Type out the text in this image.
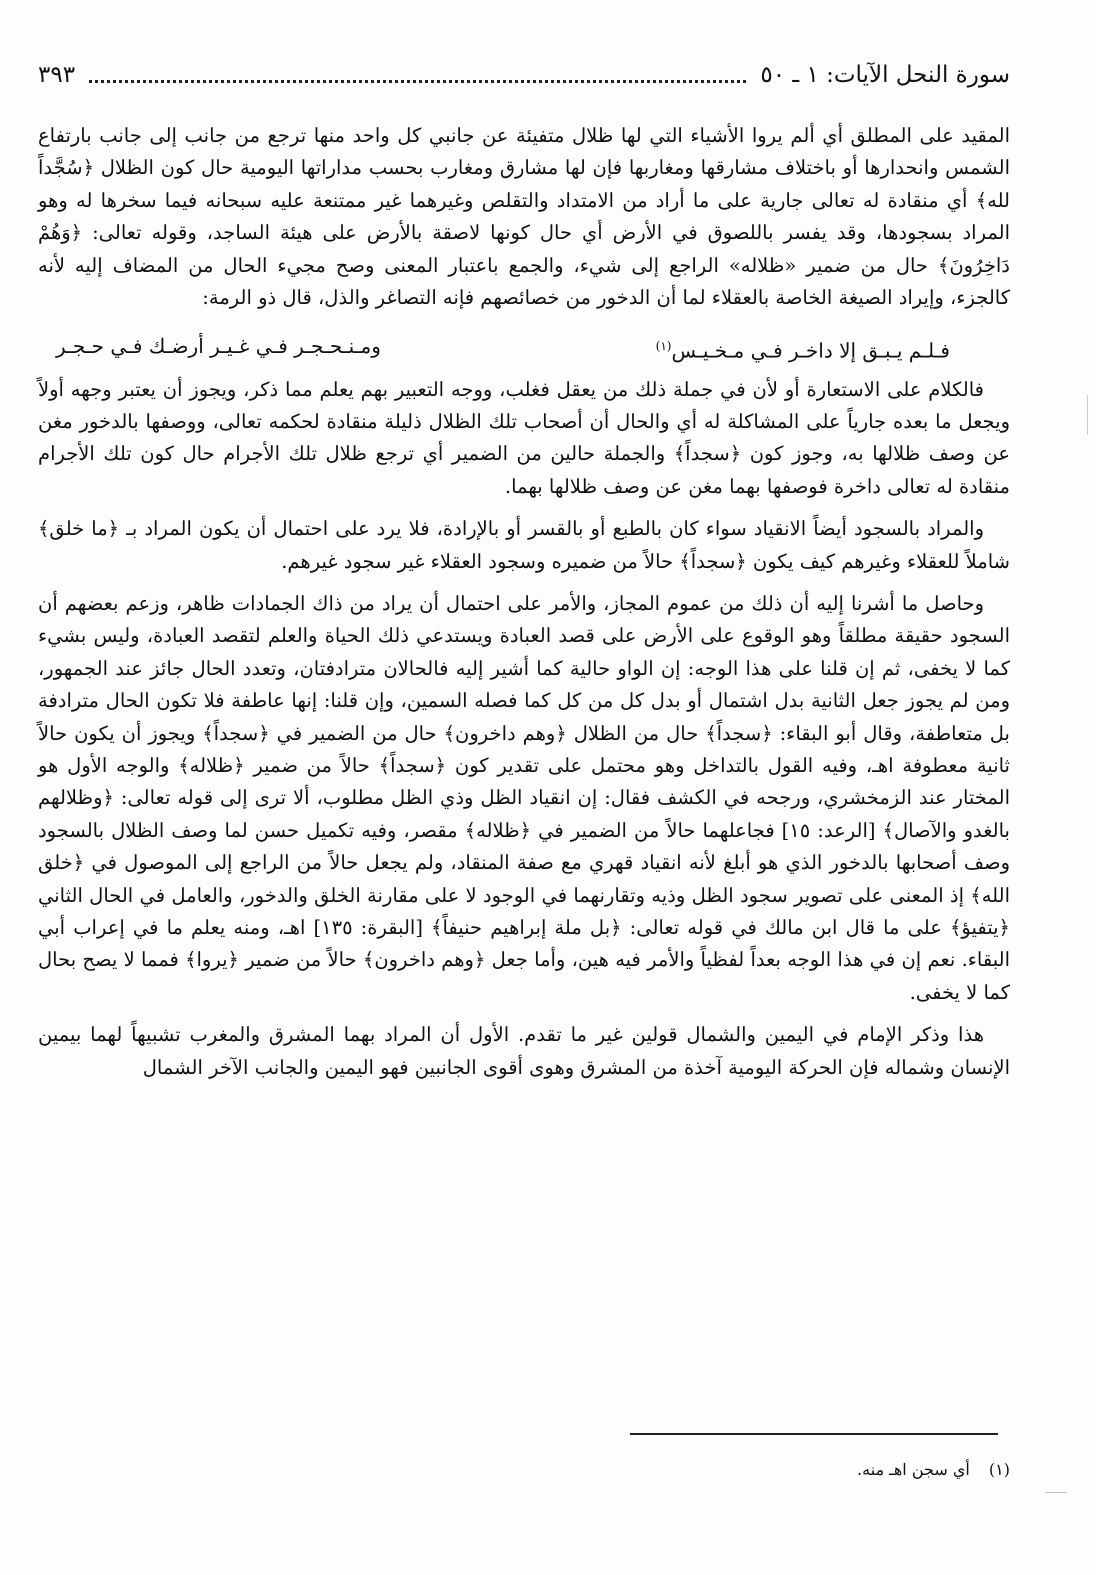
سورة النحل الآيات: ١ ـ ٥٠
٣٩٣

المقيد على المطلق أي ألم يروا الأشياء التي لها ظلال متفيئة عن جانبي كل واحد منها ترجع من جانب إلى جانب بارتفاع الشمس وانحدارها أو باختلاف مشارقها ومغاربها فإن لها مشارق ومغارب بحسب مداراتها اليومية حال كون الظلال ﴿سُجَّداً لله﴾ أي منقادة له تعالى جارية على ما أراد من الامتداد والتقلص وغيرهما غير ممتنعة عليه سبحانه فيما سخرها له وهو المراد بسجودها، وقد يفسر باللصوق في الأرض أي حال كونها لاصقة بالأرض على هيئة الساجد، وقوله تعالى: ﴿وَهُمْ دَاخِرُونَ﴾ حال من ضمير «ظلاله» الراجع إلى شيء، والجمع باعتبار المعنى وصح مجيء الحال من المضاف إليه لأنه كالجزء، وإيراد الصيغة الخاصة بالعقلاء لما أن الدخور من خصائصهم فإنه التصاغر والذل، قال ذو الرمة:

فـلـم يـبـق إلا داخـر فـي مـخـيـس$^{(١)}$
ومـنـحـجـر فـي غـيـر أرضـك فـي حـجـر

فالكلام على الاستعارة أو لأن في جملة ذلك من يعقل فغلب، ووجه التعبير بهم يعلم مما ذكر، ويجوز أن يعتبر وجهه أولاً ويجعل ما بعده جارياً على المشاكلة له أي والحال أن أصحاب تلك الظلال ذليلة منقادة لحكمه تعالى، ووصفها بالدخور مغن عن وصف ظلالها به، وجوز كون ﴿سجداً﴾ والجملة حالين من الضمير أي ترجع ظلال تلك الأجرام حال كون تلك الأجرام منقادة له تعالى داخرة فوصفها بهما مغن عن وصف ظلالها بهما.

والمراد بالسجود أيضاً الانقياد سواء كان بالطبع أو بالقسر أو بالإرادة، فلا يرد على احتمال أن يكون المراد بـ ﴿ما خلق﴾ شاملاً للعقلاء وغيرهم كيف يكون ﴿سجداً﴾ حالاً من ضميره وسجود العقلاء غير سجود غيرهم.

وحاصل ما أشرنا إليه أن ذلك من عموم المجاز، والأمر على احتمال أن يراد من ذاك الجمادات ظاهر، وزعم بعضهم أن السجود حقيقة مطلقاً وهو الوقوع على الأرض على قصد العبادة ويستدعي ذلك الحياة والعلم لتقصد العبادة، وليس بشيء كما لا يخفى، ثم إن قلنا على هذا الوجه: إن الواو حالية كما أشير إليه فالحالان مترادفتان، وتعدد الحال جائز عند الجمهور، ومن لم يجوز جعل الثانية بدل اشتمال أو بدل كل من كل كما فصله السمين، وإن قلنا: إنها عاطفة فلا تكون الحال مترادفة بل متعاطفة، وقال أبو البقاء: ﴿سجداً﴾ حال من الظلال ﴿وهم داخرون﴾ حال من الضمير في ﴿سجداً﴾ ويجوز أن يكون حالاً ثانية معطوفة اهـ، وفيه القول بالتداخل وهو محتمل على تقدير كون ﴿سجداً﴾ حالاً من ضمير ﴿ظلاله﴾ والوجه الأول هو المختار عند الزمخشري، ورجحه في الكشف فقال: إن انقياد الظل وذي الظل مطلوب، ألا ترى إلى قوله تعالى: ﴿وظلالهم بالغدو والآصال﴾ [الرعد: ١٥] فجاعلهما حالاً من الضمير في ﴿ظلاله﴾ مقصر، وفيه تكميل حسن لما وصف الظلال بالسجود وصف أصحابها بالدخور الذي هو أبلغ لأنه انقياد قهري مع صفة المنقاد، ولم يجعل حالاً من الراجع إلى الموصول في ﴿خلق الله﴾ إذ المعنى على تصوير سجود الظل وذيه وتقارنهما في الوجود لا على مقارنة الخلق والدخور، والعامل في الحال الثاني ﴿يتفيؤ﴾ على ما قال ابن مالك في قوله تعالى: ﴿بل ملة إبراهيم حنيفاً﴾ [البقرة: ١٣٥] اهـ، ومنه يعلم ما في إعراب أبي البقاء. نعم إن في هذا الوجه بعداً لفظياً والأمر فيه هين، وأما جعل ﴿وهم داخرون﴾ حالاً من ضمير ﴿يروا﴾ فمما لا يصح بحال كما لا يخفى.

هذا وذكر الإمام في اليمين والشمال قولين غير ما تقدم. الأول أن المراد بهما المشرق والمغرب تشبيهاً لهما بيمين الإنسان وشماله فإن الحركة اليومية آخذة من المشرق وهوى أقوى الجانبين فهو اليمين والجانب الآخر الشمال

(١) أي سجن اهـ منه.
